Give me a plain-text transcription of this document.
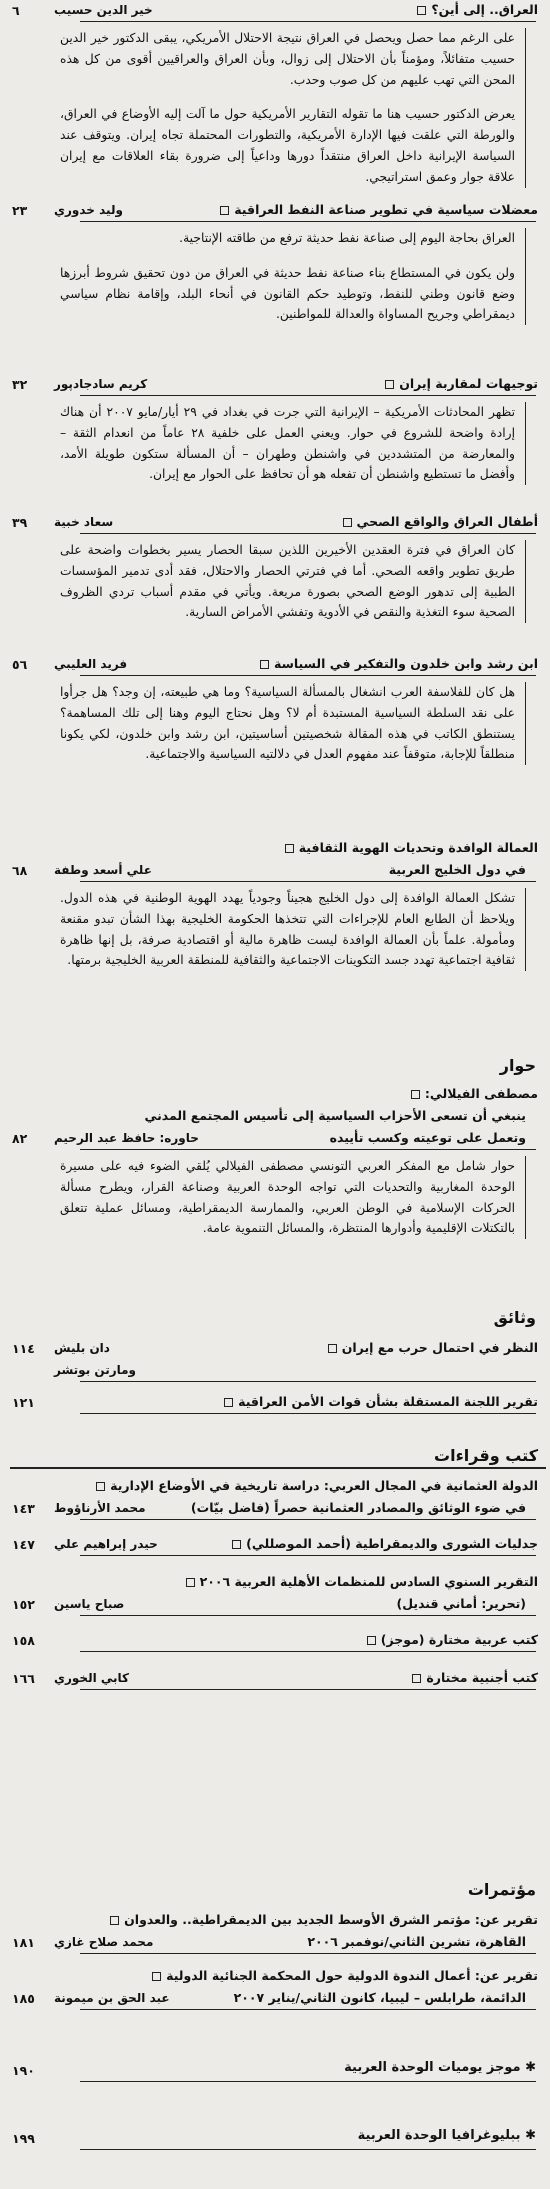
العراق.. إلى أين؟
خير الدين حسيب
٦

على الرغم مما حصل ويحصل في العراق نتيجة الاحتلال الأمريكي، يبقى الدكتور خير الدين حسيب متفائلاً، ومؤمناً بأن الاحتلال إلى زوال، وبأن العراق والعراقيين أقوى من كل هذه المحن التي تهب عليهم من كل صوب وحدب.

يعرض الدكتور حسيب هنا ما تقوله التقارير الأمريكية حول ما آلت إليه الأوضاع في العراق، والورطة التي علقت فيها الإدارة الأمريكية، والتطورات المحتملة تجاه إيران. ويتوقف عند السياسة الإيرانية داخل العراق منتقداً دورها وداعياً إلى ضرورة بقاء العلاقات مع إيران علاقة جوار وعمق استراتيجي.

معضلات سياسية في تطوير صناعة النفط العراقية
وليد خدوري
٢٣

العراق بحاجة اليوم إلى صناعة نفط حديثة ترفع من طاقته الإنتاجية.

ولن يكون في المستطاع بناء صناعة نفط حديثة في العراق من دون تحقيق شروط أبرزها وضع قانون وطني للنفط، وتوطيد حكم القانون في أنحاء البلد، وإقامة نظام سياسي ديمقراطي وجريح المساواة والعدالة للمواطنين.

توجيهات لمقاربة إيران
كريم سادجادپور
٣٢

تظهر المحادثات الأمريكية – الإيرانية التي جرت في بغداد في ٢٩ أيار/مايو ٢٠٠٧ أن هناك إرادة واضحة للشروع في حوار. ويعني العمل على خلفية ٢٨ عاماً من انعدام الثقة – والمعارضة من المتشددين في واشنطن وطهران – أن المسألة ستكون طويلة الأمد، وأفضل ما تستطيع واشنطن أن تفعله هو أن تحافظ على الحوار مع إيران.

أطفال العراق والواقع الصحي
سعاد خبية
٣٩

كان العراق في فترة العقدين الأخيرين اللذين سبقا الحصار يسير بخطوات واضحة على طريق تطوير واقعه الصحي. أما في فترتي الحصار والاحتلال، فقد أدى تدمير المؤسسات الطبية إلى تدهور الوضع الصحي بصورة مريعة. ويأتي في مقدم أسباب تردي الظروف الصحية سوء التغذية والنقص في الأدوية وتفشي الأمراض السارية.

ابن رشد وابن خلدون والتفكير في السياسة
فريد العليبي
٥٦

هل كان للفلاسفة العرب انشغال بالمسألة السياسية؟ وما هي طبيعته، إن وجد؟ هل جرأوا على نقد السلطة السياسية المستبدة أم لا؟ وهل نحتاج اليوم وهنا إلى تلك المساهمة؟ يستنطق الكاتب في هذه المقالة شخصيتين أساسيتين، ابن رشد وابن خلدون، لكي يكونا منطلقاً للإجابة، متوقفاً عند مفهوم العدل في دلالتيه السياسية والاجتماعية.

العمالة الوافدة وتحديات الهوية الثقافية
في دول الخليج العربية
علي أسعد وطفة
٦٨

تشكل العمالة الوافدة إلى دول الخليج هجيناً وجودياً يهدد الهوية الوطنية في هذه الدول. ويلاحظ أن الطابع العام للإجراءات التي تتخذها الحكومة الخليجية بهذا الشأن تبدو مقنعة ومأمولة. علماً بأن العمالة الوافدة ليست ظاهرة مالية أو اقتصادية صرفة، بل إنها ظاهرة ثقافية اجتماعية تهدد جسد التكوينات الاجتماعية والثقافية للمنطقة العربية الخليجية برمتها.

حوار
مصطفى الفيلالي:
ينبغي أن تسعى الأحزاب السياسية إلى تأسيس المجتمع المدني
وتعمل على توعيته وكسب تأييده
حاوره: حافظ عبد الرحيم
٨٢

حوار شامل مع المفكر العربي التونسي مصطفى الفيلالي يُلقي الضوء فيه على مسيرة الوحدة المغاربية والتحديات التي تواجه الوحدة العربية وصناعة القرار، ويطرح مسألة الحركات الإسلامية في الوطن العربي، والممارسة الديمقراطية، ومسائل عملية تتعلق بالتكتلات الإقليمية وأدوارها المنتظرة، والمسائل التنموية عامة.

وثائق
النظر في احتمال حرب مع إيران
دان بليش
١١٤
ومارتن بوتشر
تقرير اللجنة المستقلة بشأن قوات الأمن العراقية
١٢١
كتب وقراءات
الدولة العثمانية في المجال العربي: دراسة تاريخية في الأوضاع الإدارية
في ضوء الوثائق والمصادر العثمانية حصراً (فاضل بيّات)
محمد الأرناؤوط
١٤٣
جدليات الشورى والديمقراطية (أحمد الموصللي)
حيدر إبراهيم علي
١٤٧
التقرير السنوي السادس للمنظمات الأهلية العربية ٢٠٠٦
(تحرير: أماني قنديل)
صباح ياسين
١٥٢
كتب عربية مختارة (موجز)
١٥٨
كتب أجنبية مختارة
كابي الخوري
١٦٦
مؤتمرات
تقرير عن: مؤتمر الشرق الأوسط الجديد بين الديمقراطية.. والعدوان
القاهرة، تشرين الثاني/نوفمبر ٢٠٠٦
محمد صلاح غازي
١٨١
تقرير عن: أعمال الندوة الدولية حول المحكمة الجنائية الدولية
الدائمة، طرابلس – ليبيا، كانون الثاني/يناير ٢٠٠٧
عبد الحق بن ميمونة
١٨٥
✱ موجز يوميات الوحدة العربية
١٩٠
✱ ببليوغرافيا الوحدة العربية
١٩٩
